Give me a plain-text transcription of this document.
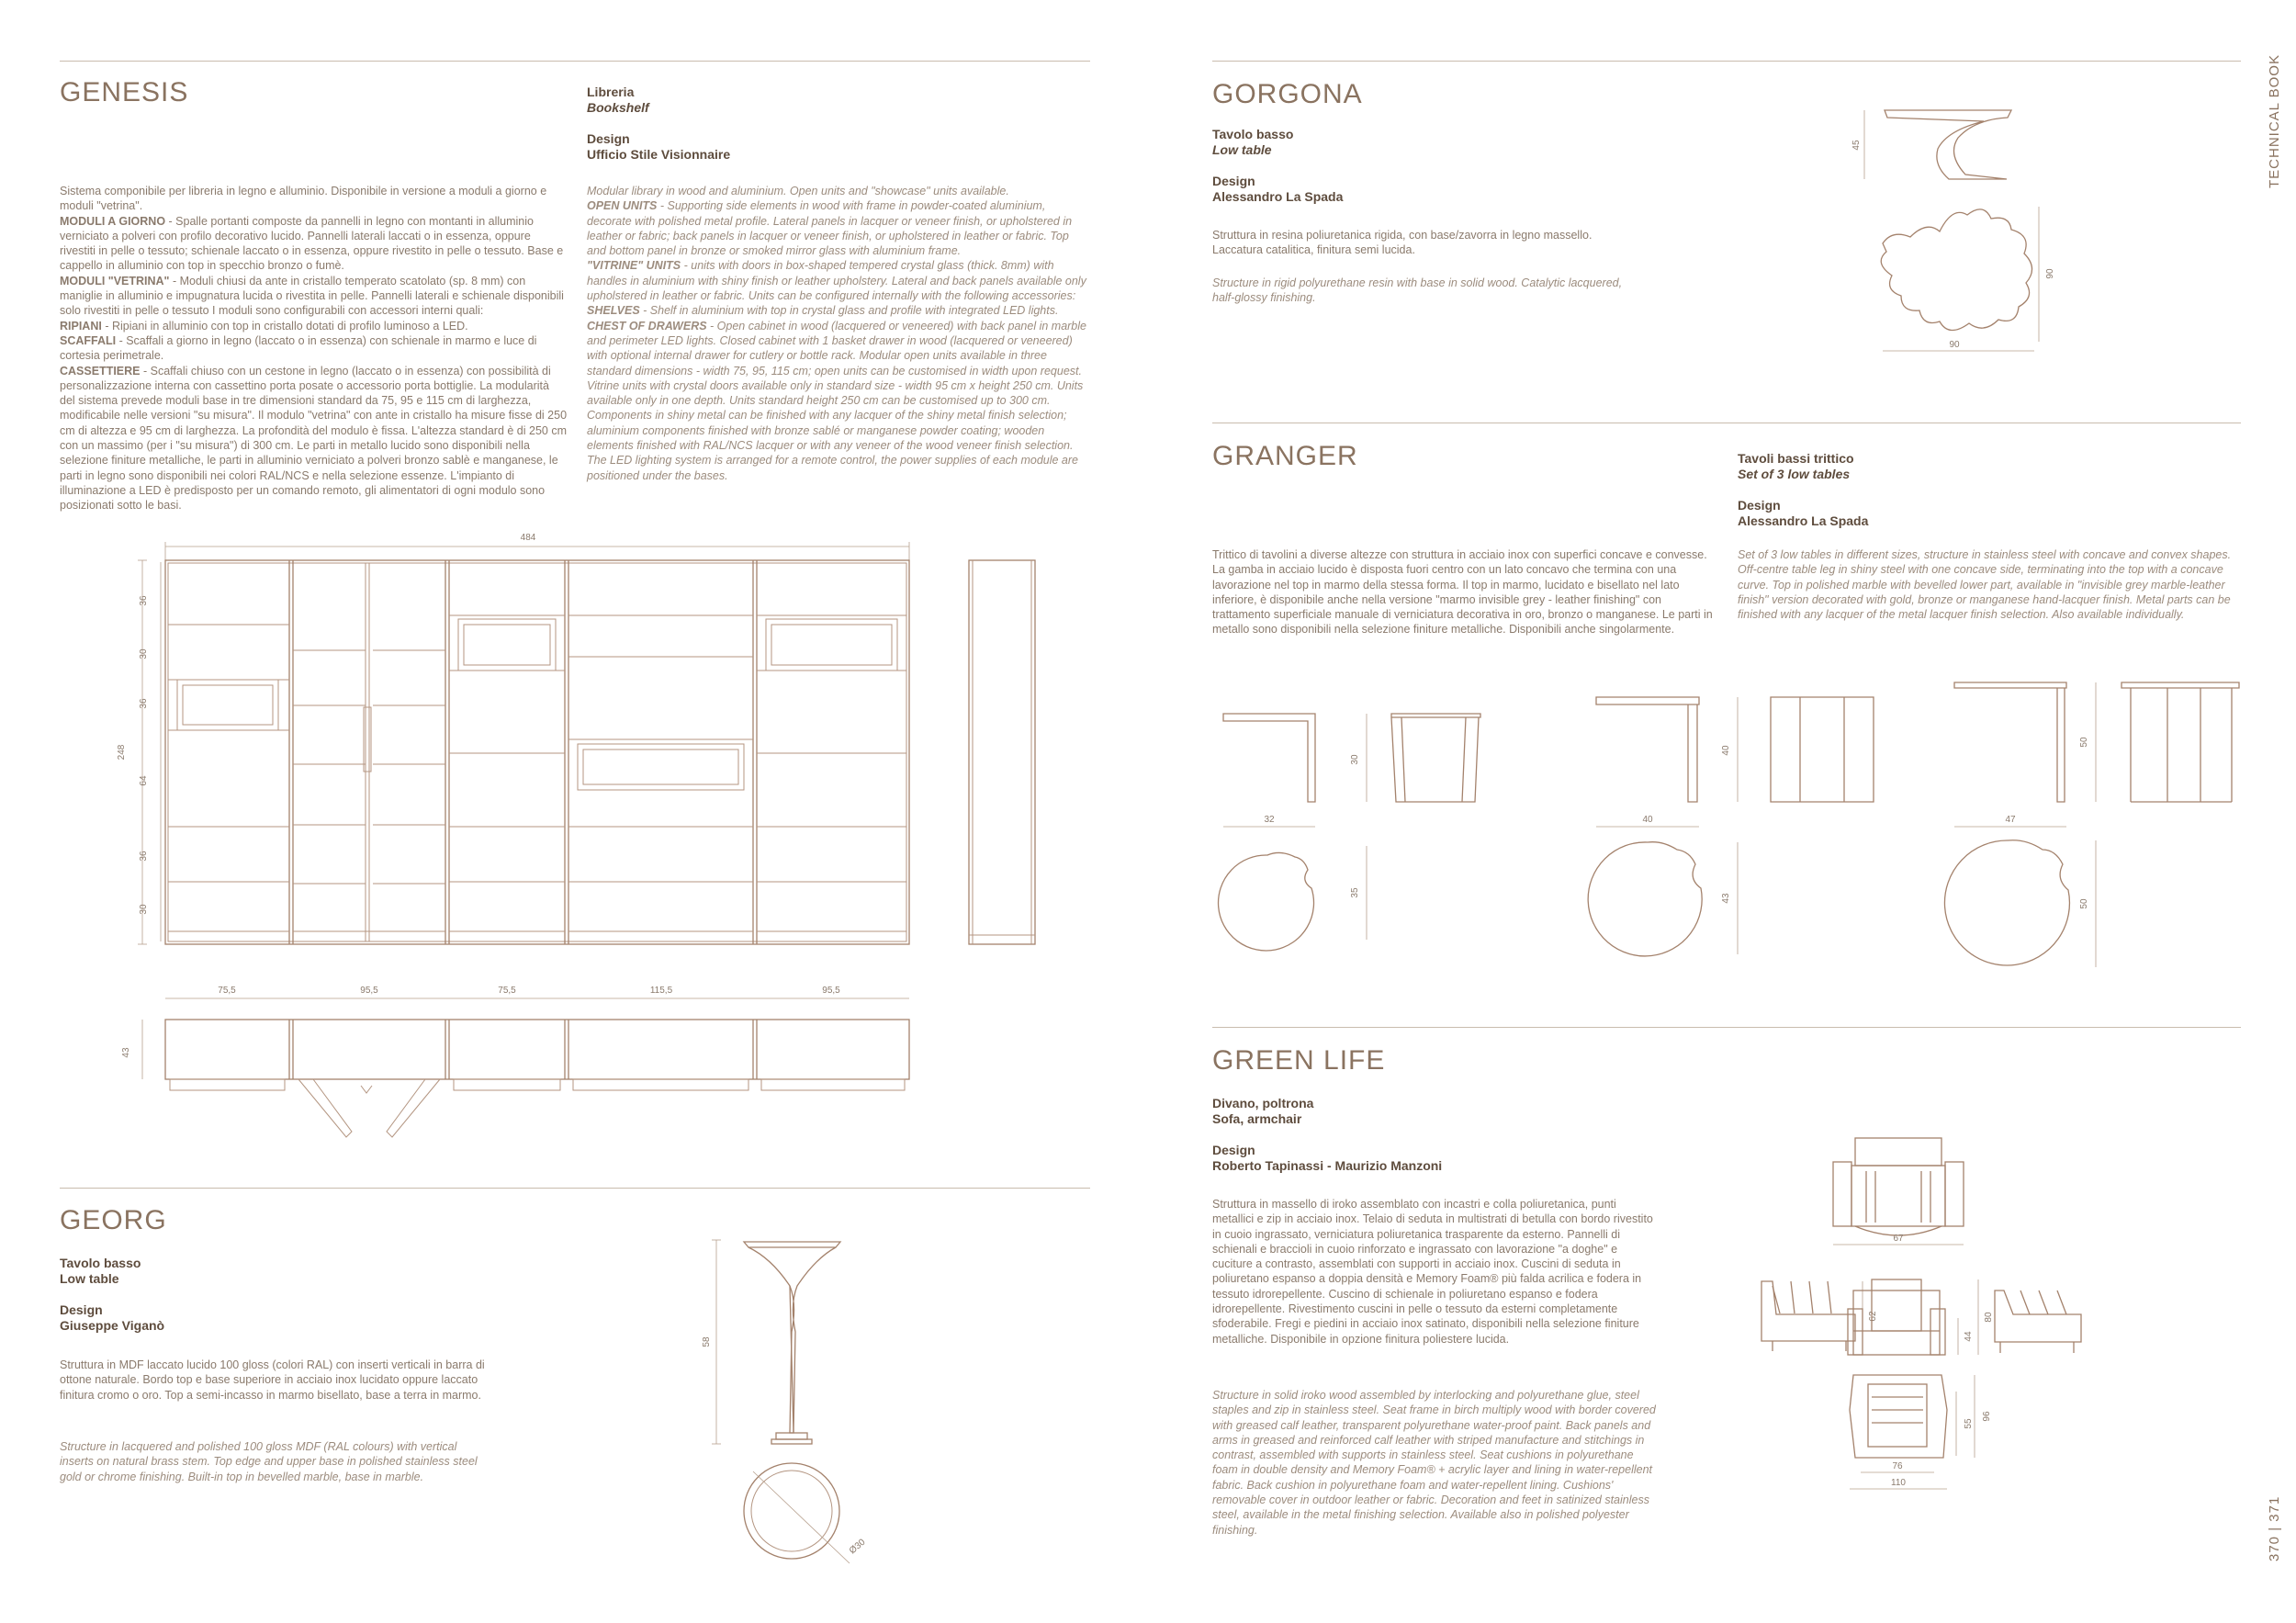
GENESIS	Libreria
Bookshelf
Design
Ufficio Stile Visionnaire
Sistema componibile per libreria in legno e alluminio. Disponibile in versione a moduli a giorno e moduli "vetrina".
MODULI A GIORNO - Spalle portanti composte da pannelli in legno con montanti in alluminio verniciato a polveri con profilo decorativo lucido. Pannelli laterali laccati o in essenza, oppure rivestiti in pelle o tessuto; schienale laccato o in essenza, oppure rivestito in pelle o tessuto. Base e cappello in alluminio con top in specchio bronzo o fumè.
MODULI "VETRINA" - Moduli chiusi da ante in cristallo temperato scatolato (sp. 8 mm) con maniglie in alluminio e impugnatura lucida o rivestita in pelle. Pannelli laterali e schienale disponibili solo rivestiti in pelle o tessuto I moduli sono configurabili con accessori interni quali:
RIPIANI - Ripiani in alluminio con top in cristallo dotati di profilo luminoso a LED.
SCAFFALI - Scaffali a giorno in legno (laccato o in essenza) con schienale in marmo e luce di cortesia perimetrale.
CASSETTIERE - Scaffali chiuso con un cestone in legno (laccato o in essenza) con possibilità di personalizzazione interna con cassettino porta posate o accessorio porta bottiglie. La modularità del sistema prevede moduli base in tre dimensioni standard da 75, 95 e 115 cm di larghezza, modificabile nelle versioni "su misura". Il modulo "vetrina" con ante in cristallo ha misure fisse di 250 cm di altezza e 95 cm di larghezza. La profondità del modulo è fissa. L'altezza standard è di 250 cm con un massimo (per i "su misura") di 300 cm. Le parti in metallo lucido sono disponibili nella selezione finiture metalliche, le parti in alluminio verniciato a polveri bronzo sablè e manganese, le parti in legno sono disponibili nei colori RAL/NCS e nella selezione essenze. L'impianto di illuminazione a LED è predisposto per un comando remoto, gli alimentatori di ogni modulo sono posizionati sotto le basi.
Modular library in wood and aluminium. Open units and "showcase" units available.
OPEN UNITS - Supporting side elements in wood with frame in powder-coated aluminium, decorate with polished metal profile. Lateral panels in lacquer or veneer finish, or upholstered in leather or fabric; back panels in lacquer or veneer finish, or upholstered in leather or fabric. Top and bottom panel in bronze or smoked mirror glass with aluminium frame.
"VITRINE" UNITS - units with doors in box-shaped tempered crystal glass (thick. 8mm) with handles in aluminium with shiny finish or leather upholstery. Lateral and back panels available only upholstered in leather or fabric. Units can be configured internally with the following accessories:
SHELVES - Shelf in aluminium with top in crystal glass and profile with integrated LED lights.
CHEST OF DRAWERS - Open cabinet in wood (lacquered or veneered) with back panel in marble and perimeter LED lights. Closed cabinet with 1 basket drawer in wood (lacquered or veneered) with optional internal drawer for cutlery or bottle rack. Modular open units available in three standard dimensions - width 75, 95, 115 cm; open units can be customised in width upon request. Vitrine units with crystal doors available only in standard size - width 95 cm x height 250 cm. Units available only in one depth. Units standard height 250 cm can be customised up to 300 cm. Components in shiny metal can be finished with any lacquer of the shiny metal finish selection; aluminium components finished with bronze sablé or manganese powder coating; wooden elements finished with RAL/NCS lacquer or with any veneer of the wood veneer finish selection. The LED lighting system is arranged for a remote control, the power supplies of each module are positioned under the bases.
484
248
36
30
36
64
36
30
75,5	95,5	75,5	115,5	95,5
43
GEORG
Tavolo basso
Low table
Design
Giuseppe Viganò

Struttura in MDF laccato lucido 100 gloss (colori RAL) con inserti verticali in barra di ottone naturale. Bordo top e base superiore in acciaio inox lucidato oppure laccato finitura cromo o oro. Top a semi-incasso in marmo bisellato, base a terra in marmo.

Structure in lacquered and polished 100 gloss MDF (RAL colours) with vertical inserts on natural brass stem. Top edge and upper base in polished stainless steel gold or chrome finishing. Built-in top in bevelled marble, base in marble.

58
Ø30
TECHNICAL BOOK
370 | 371
GORGONA
Tavolo basso
Low table
Design
Alessandro La Spada

Struttura in resina poliuretanica rigida, con base/zavorra in legno massello. Laccatura catalitica, finitura semi lucida.

Structure in rigid polyurethane resin with base in solid wood. Catalytic lacquered, half-glossy finishing.

45
90
90
GRANGER	Tavoli bassi trittico
Set of 3 low tables
Design
Alessandro La Spada

Trittico di tavolini a diverse altezze con struttura in acciaio inox con superfici concave e convesse. La gamba in acciaio lucido è disposta fuori centro con un lato concavo che termina con una lavorazione nel top in marmo della stessa forma. Il top in marmo, lucidato e bisellato nel lato inferiore, è disponibile anche nella versione "marmo invisible grey - leather finishing" con trattamento superficiale manuale di verniciatura decorativa in oro, bronzo o manganese. Le parti in metallo sono disponibili nella selezione finiture metalliche. Disponibili anche singolarmente.

Set of 3 low tables in different sizes, structure in stainless steel with concave and convex shapes. Off-centre table leg in shiny steel with one concave side, terminating into the top with a concave curve. Top in polished marble with bevelled lower part, available in "invisible grey marble-leather finish" version decorated with gold, bronze or manganese hand-lacquer finish. Metal parts can be finished with any lacquer of the metal lacquer finish selection. Also available individually.

30
32
35
40
40
43
50
47
50
GREEN LIFE
Divano, poltrona
Sofa, armchair
Design
Roberto Tapinassi - Maurizio Manzoni

Struttura in massello di iroko assemblato con incastri e colla poliuretanica, punti metallici e zip in acciaio inox. Telaio di seduta in multistrati di betulla con bordo rivestito in cuoio ingrassato, verniciatura poliuretanica trasparente da esterno. Pannelli di schienali e braccioli in cuoio rinforzato e ingrassato con lavorazione "a doghe" e cuciture a contrasto, assemblati con supporti in acciaio inox. Cuscini di seduta in poliuretano espanso a doppia densità e Memory Foam® più falda acrilica e fodera in tessuto idrorepellente. Cuscino di schienale in poliuretano espanso e fodera idrorepellente. Rivestimento cuscini in pelle o tessuto da esterni completamente sfoderabile. Fregi e piedini in acciaio inox satinato, disponibili nella selezione finiture metalliche. Disponibile in opzione finitura poliestere lucida.

Structure in solid iroko wood assembled by interlocking and polyurethane glue, steel staples and zip in stainless steel. Seat frame in birch multiply wood with border covered with greased calf leather, transparent polyurethane water-proof paint. Back panels and arms in greased and reinforced calf leather with striped manufacture and stitchings in contrast, assembled with supports in stainless steel. Seat cushions in polyurethane foam in double density and Memory Foam® + acrylic layer and lining in water-repellent fabric. Back cushion in polyurethane foam and water-repellent lining. Cushions' removable cover in outdoor leather or fabric. Decoration and feet in satinized stainless steel, available in the metal finishing selection. Available also in polished polyester finishing.

67
62
44
80
55
96
76
110
